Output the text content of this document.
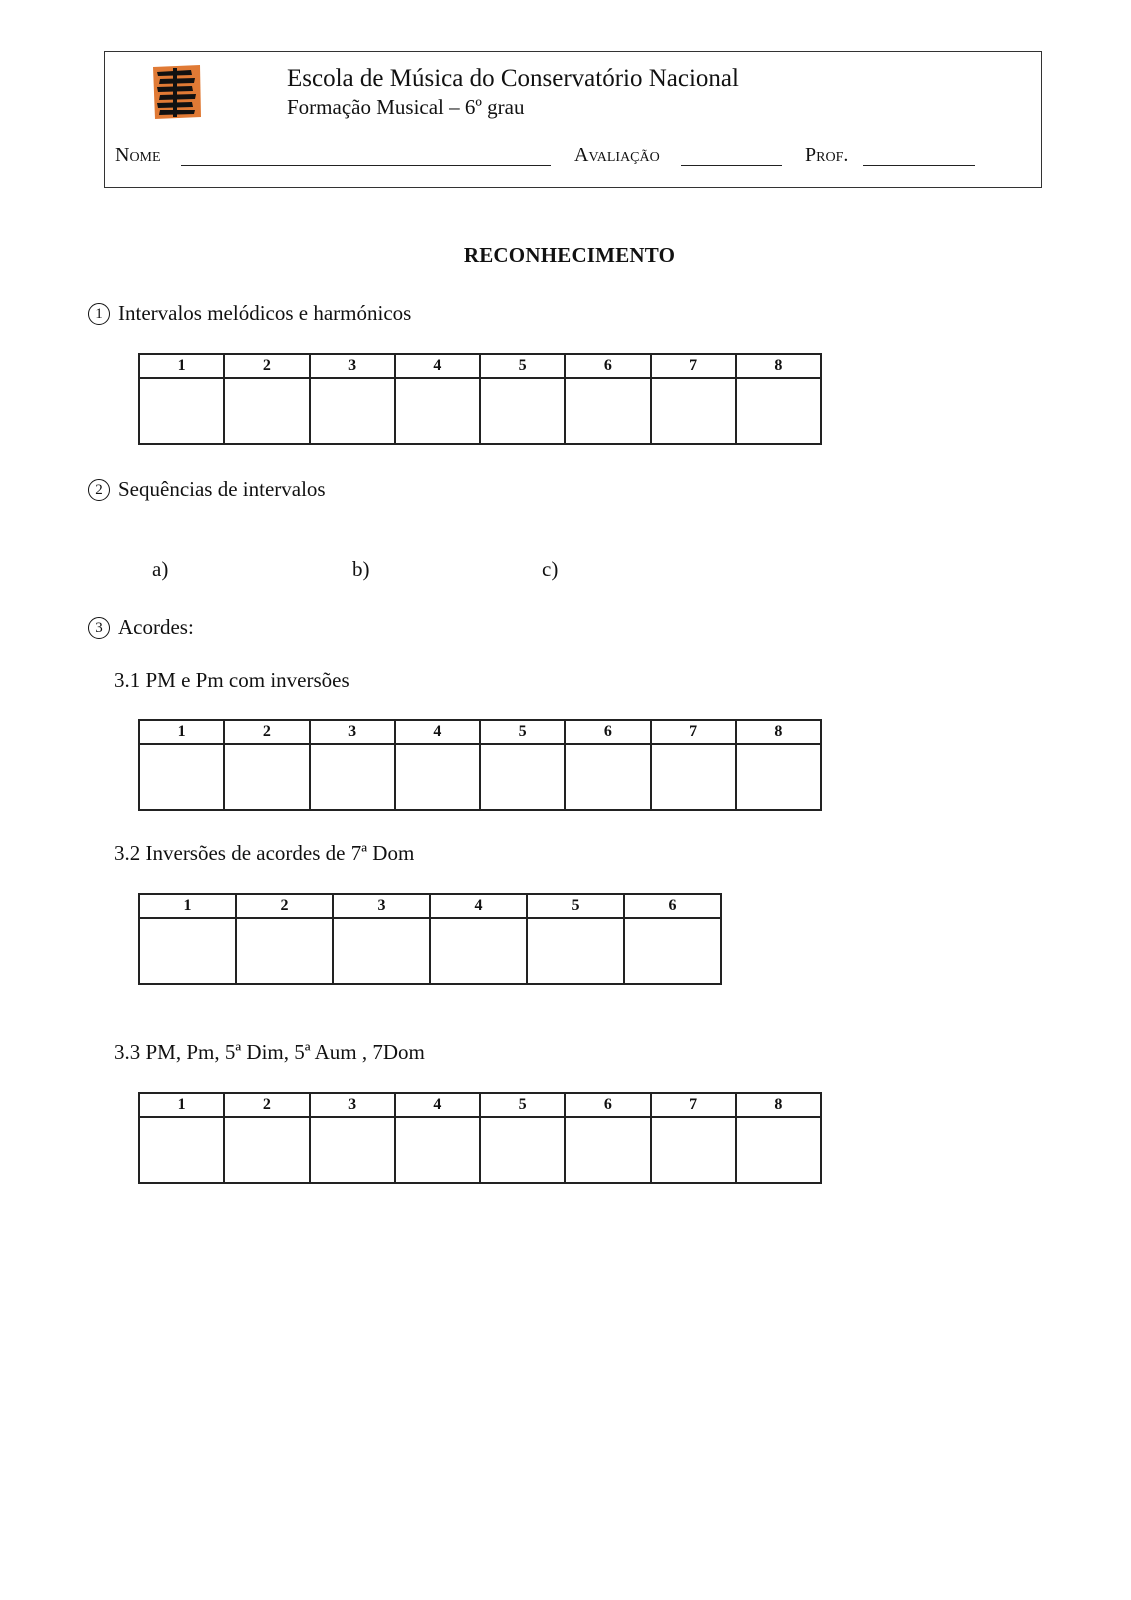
Escola de Música do Conservatório Nacional
Formação Musical – 6º grau
Nome	Avaliação	Prof.
RECONHECIMENTO
1 Intervalos melódicos e harmónicos
1	2	3	4	5	6	7	8

2 Sequências de intervalos
a)	b)	c)
3 Acordes:
3.1 PM e Pm com inversões
1	2	3	4	5	6	7	8

3.2 Inversões de acordes de 7ª Dom
1	2	3	4	5	6

3.3 PM, Pm, 5ª Dim, 5ª Aum , 7Dom
1	2	3	4	5	6	7	8
